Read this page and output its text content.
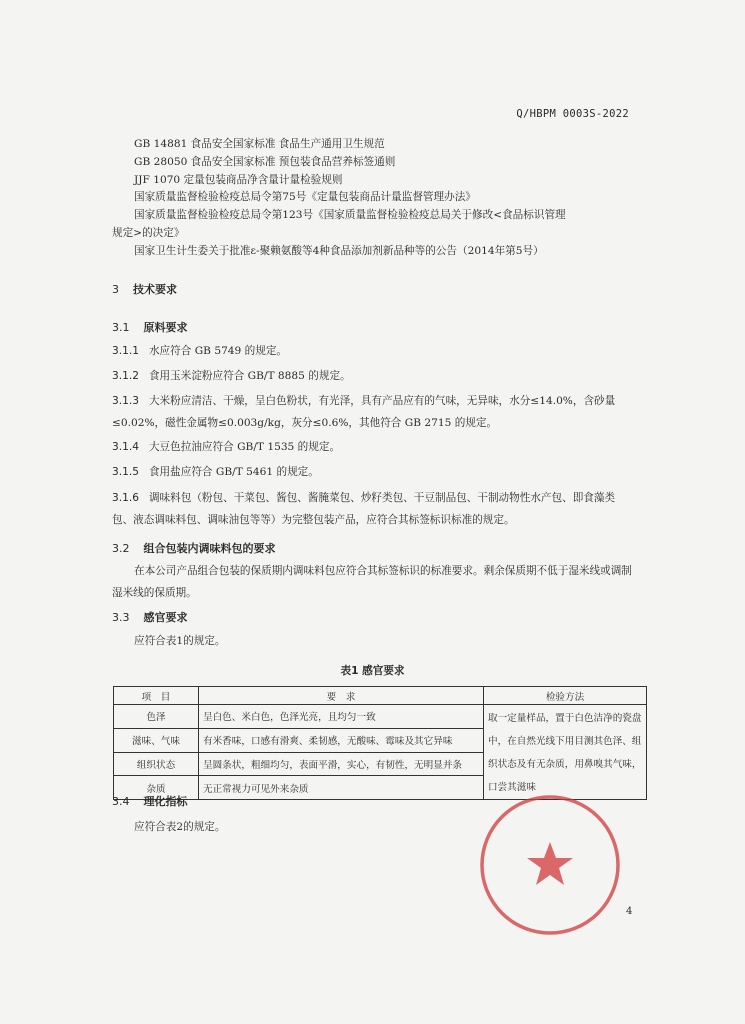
Q/HBPM 0003S-2022
GB 14881 食品安全国家标准 食品生产通用卫生规范
GB 28050 食品安全国家标准 预包装食品营养标签通则
JJF 1070 定量包装商品净含量计量检验规则
国家质量监督检验检疫总局令第75号《定量包装商品计量监督管理办法》
国家质量监督检验检疫总局令第123号《国家质量监督检验检疫总局关于修改<食品标识管理
规定>的决定》
国家卫生计生委关于批准ε-聚赖氨酸等4种食品添加剂新品种等的公告（2014年第5号）
3 技术要求
3.1 原料要求
3.1.1 水应符合 GB 5749 的规定。
3.1.2 食用玉米淀粉应符合 GB/T 8885 的规定。
3.1.3 大米粉应清洁、干燥，呈白色粉状，有光泽，具有产品应有的气味，无异味，水分≤14.0%，含砂量≤0.02%，磁性金属物≤0.003g/kg，灰分≤0.6%，其他符合 GB 2715 的规定。
3.1.4 大豆色拉油应符合 GB/T 1535 的规定。
3.1.5 食用盐应符合 GB/T 5461 的规定。
3.1.6 调味料包（粉包、干菜包、酱包、酱腌菜包、炒籽类包、干豆制品包、干制动物性水产包、即食藻类包、液态调味料包、调味油包等等）为完整包装产品，应符合其标签标识标准的规定。
3.2 组合包装内调味料包的要求
在本公司产品组合包装的保质期内调味料包应符合其标签标识的标准要求。剩余保质期不低于湿米线或调制湿米线的保质期。
3.3 感官要求
应符合表1的规定。
表1 感官要求
项　目	要　求	检验方法
色泽	呈白色、米白色，色泽光亮，且均匀一致	取一定量样品，置于白色洁净的瓷盘中，在自然光线下用目测其色泽、组织状态及有无杂质，用鼻嗅其气味，口尝其滋味
滋味、气味	有米香味，口感有滑爽、柔韧感，无酸味、霉味及其它异味	
组织状态	呈圆条状，粗细均匀，表面平滑，实心，有韧性，无明显并条	
杂质	无正常视力可见外来杂质	
3.4 理化指标
应符合表2的规定。
4
